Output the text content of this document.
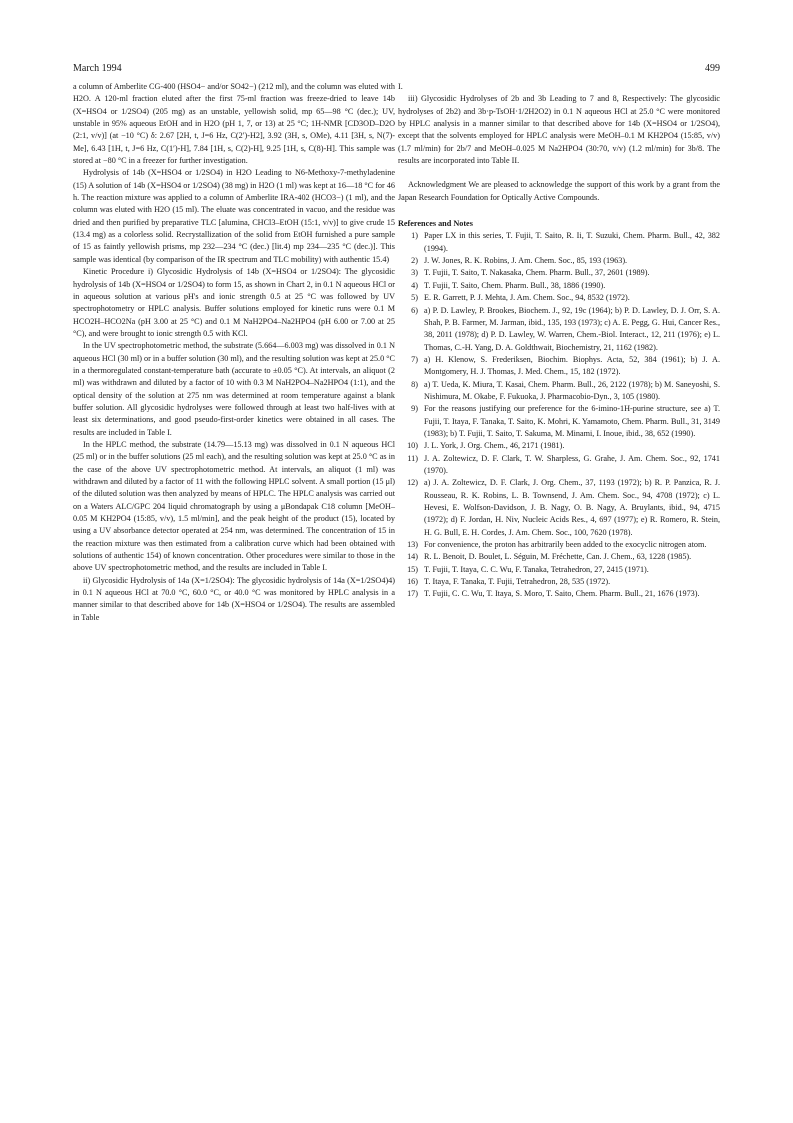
March 1994	499

a column of Amberlite CG-400 (HSO4− and/or SO42−) (212 ml), and the column was eluted with H2O. A 120-ml fraction eluted after the first 75-ml fraction was freeze-dried to leave 14b (X=HSO4 or 1/2SO4) (205 mg) as an unstable, yellowish solid, mp 65—98 °C (dec.); UV, unstable in 95% aqueous EtOH and in H2O (pH 1, 7, or 13) at 25 °C; 1H-NMR [CD3OD–D2O (2:1, v/v)] (at −10 °C) δ: 2.67 [2H, t, J=6 Hz, C(2′)-H2], 3.92 (3H, s, OMe), 4.11 [3H, s, N(7)-Me], 6.43 [1H, t, J=6 Hz, C(1′)-H], 7.84 [1H, s, C(2)-H], 9.25 [1H, s, C(8)-H]. This sample was stored at −80 °C in a freezer for further investigation.

Hydrolysis of 14b (X=HSO4 or 1/2SO4) in H2O Leading to N6-Methoxy-7-methyladenine (15) A solution of 14b (X=HSO4 or 1/2SO4) (38 mg) in H2O (1 ml) was kept at 16—18 °C for 46 h. The reaction mixture was applied to a column of Amberlite IRA-402 (HCO3−) (1 ml), and the column was eluted with H2O (15 ml). The eluate was concentrated in vacuo, and the residue was dried and then purified by preparative TLC [alumina, CHCl3–EtOH (15:1, v/v)] to give crude 15 (13.4 mg) as a colorless solid. Recrystallization of the solid from EtOH furnished a pure sample of 15 as faintly yellowish prisms, mp 232—234 °C (dec.) [lit.4) mp 234—235 °C (dec.)]. This sample was identical (by comparison of the IR spectrum and TLC mobility) with authentic 15.4)

Kinetic Procedure i) Glycosidic Hydrolysis of 14b (X=HSO4 or 1/2SO4): The glycosidic hydrolysis of 14b (X=HSO4 or 1/2SO4) to form 15, as shown in Chart 2, in 0.1 N aqueous HCl or in aqueous solution at various pH's and ionic strength 0.5 at 25 °C was followed by UV spectrophotometry or HPLC analysis. Buffer solutions employed for kinetic runs were 0.1 M HCO2H–HCO2Na (pH 3.00 at 25 °C) and 0.1 M NaH2PO4–Na2HPO4 (pH 6.00 or 7.00 at 25 °C), and were brought to ionic strength 0.5 with KCl.

In the UV spectrophotometric method, the substrate (5.664—6.003 mg) was dissolved in 0.1 N aqueous HCl (30 ml) or in a buffer solution (30 ml), and the resulting solution was kept at 25.0 °C in a thermoregulated constant-temperature bath (accurate to ±0.05 °C). At intervals, an aliquot (2 ml) was withdrawn and diluted by a factor of 10 with 0.3 M NaH2PO4–Na2HPO4 (1:1), and the optical density of the solution at 275 nm was determined at room temperature against a blank buffer solution. All glycosidic hydrolyses were followed through at least two half-lives with at least six determinations, and good pseudo-first-order kinetics were obtained in all cases. The results are included in Table I.

In the HPLC method, the substrate (14.79—15.13 mg) was dissolved in 0.1 N aqueous HCl (25 ml) or in the buffer solutions (25 ml each), and the resulting solution was kept at 25.0 °C as in the case of the above UV spectrophotometric method. At intervals, an aliquot (1 ml) was withdrawn and diluted by a factor of 11 with the following HPLC solvent. A small portion (15 μl) of the diluted solution was then analyzed by means of HPLC. The HPLC analysis was carried out on a Waters ALC/GPC 204 liquid chromatograph by using a μBondapak C18 column [MeOH–0.05 M KH2PO4 (15:85, v/v), 1.5 ml/min], and the peak height of the product (15), located by using a UV absorbance detector operated at 254 nm, was determined. The concentration of 15 in the reaction mixture was then estimated from a calibration curve which had been obtained with solutions of authentic 154) of known concentration. Other procedures were similar to those in the above UV spectrophotometric method, and the results are included in Table I.

ii) Glycosidic Hydrolysis of 14a (X=1/2SO4): The glycosidic hydrolysis of 14a (X=1/2SO4)4) in 0.1 N aqueous HCl at 70.0 °C, 60.0 °C, or 40.0 °C was monitored by HPLC analysis in a manner similar to that described above for 14b (X=HSO4 or 1/2SO4). The results are assembled in Table

I.

iii) Glycosidic Hydrolyses of 2b and 3b Leading to 7 and 8, Respectively: The glycosidic hydrolyses of 2b2) and 3b·p-TsOH·1/2H2O2) in 0.1 N aqueous HCl at 25.0 °C were monitored by HPLC analysis in a manner similar to that described above for 14b (X=HSO4 or 1/2SO4), except that the solvents employed for HPLC analysis were MeOH–0.1 M KH2PO4 (15:85, v/v) (1.7 ml/min) for 2b/7 and MeOH–0.025 M Na2HPO4 (30:70, v/v) (1.2 ml/min) for 3b/8. The results are incorporated into Table II.

Acknowledgment We are pleased to acknowledge the support of this work by a grant from the Japan Research Foundation for Optically Active Compounds.

References and Notes

1) Paper LX in this series, T. Fujii, T. Saito, R. Ii, T. Suzuki, Chem. Pharm. Bull., 42, 382 (1994).
2) J. W. Jones, R. K. Robins, J. Am. Chem. Soc., 85, 193 (1963).
3) T. Fujii, T. Saito, T. Nakasaka, Chem. Pharm. Bull., 37, 2601 (1989).
4) T. Fujii, T. Saito, Chem. Pharm. Bull., 38, 1886 (1990).
5) E. R. Garrett, P. J. Mehta, J. Am. Chem. Soc., 94, 8532 (1972).
6) a) P. D. Lawley, P. Brookes, Biochem. J., 92, 19c (1964); b) P. D. Lawley, D. J. Orr, S. A. Shah, P. B. Farmer, M. Jarman, ibid., 135, 193 (1973); c) A. E. Pegg, G. Hui, Cancer Res., 38, 2011 (1978); d) P. D. Lawley, W. Warren, Chem.-Biol. Interact., 12, 211 (1976); e) L. Thomas, C.-H. Yang, D. A. Goldthwait, Biochemistry, 21, 1162 (1982).
7) a) H. Klenow, S. Frederiksen, Biochim. Biophys. Acta, 52, 384 (1961); b) J. A. Montgomery, H. J. Thomas, J. Med. Chem., 15, 182 (1972).
8) a) T. Ueda, K. Miura, T. Kasai, Chem. Pharm. Bull., 26, 2122 (1978); b) M. Saneyoshi, S. Nishimura, M. Okabe, F. Fukuoka, J. Pharmacobio-Dyn., 3, 105 (1980).
9) For the reasons justifying our preference for the 6-imino-1H-purine structure, see a) T. Fujii, T. Itaya, F. Tanaka, T. Saito, K. Mohri, K. Yamamoto, Chem. Pharm. Bull., 31, 3149 (1983); b) T. Fujii, T. Saito, T. Sakuma, M. Minami, I. Inoue, ibid., 38, 652 (1990).
10) J. L. York, J. Org. Chem., 46, 2171 (1981).
11) J. A. Zoltewicz, D. F. Clark, T. W. Sharpless, G. Grahe, J. Am. Chem. Soc., 92, 1741 (1970).
12) a) J. A. Zoltewicz, D. F. Clark, J. Org. Chem., 37, 1193 (1972); b) R. P. Panzica, R. J. Rousseau, R. K. Robins, L. B. Townsend, J. Am. Chem. Soc., 94, 4708 (1972); c) L. Hevesi, E. Wolfson-Davidson, J. B. Nagy, O. B. Nagy, A. Bruylants, ibid., 94, 4715 (1972); d) F. Jordan, H. Niv, Nucleic Acids Res., 4, 697 (1977); e) R. Romero, R. Stein, H. G. Bull, E. H. Cordes, J. Am. Chem. Soc., 100, 7620 (1978).
13) For convenience, the proton has arbitrarily been added to the exocyclic nitrogen atom.
14) R. L. Benoit, D. Boulet, L. Séguin, M. Fréchette, Can. J. Chem., 63, 1228 (1985).
15) T. Fujii, T. Itaya, C. C. Wu, F. Tanaka, Tetrahedron, 27, 2415 (1971).
16) T. Itaya, F. Tanaka, T. Fujii, Tetrahedron, 28, 535 (1972).
17) T. Fujii, C. C. Wu, T. Itaya, S. Moro, T. Saito, Chem. Pharm. Bull., 21, 1676 (1973).
